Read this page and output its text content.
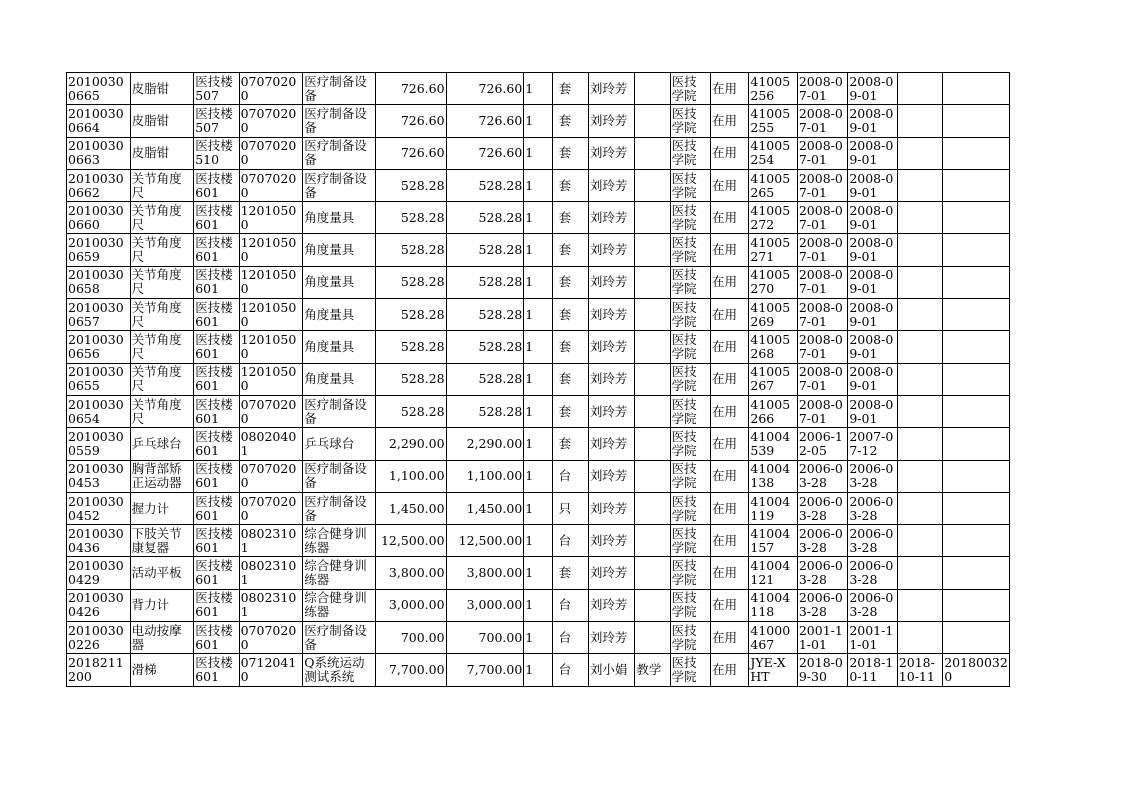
20100300665	皮脂钳	医技楼507	07070200	医疗制备设备	726.60	726.60	1	套	刘玲芳		医技学院	在用	41005256	2008-07-01	2008-09-01		
20100300664	皮脂钳	医技楼507	07070200	医疗制备设备	726.60	726.60	1	套	刘玲芳		医技学院	在用	41005255	2008-07-01	2008-09-01		
20100300663	皮脂钳	医技楼510	07070200	医疗制备设备	726.60	726.60	1	套	刘玲芳		医技学院	在用	41005254	2008-07-01	2008-09-01		
20100300662	关节角度尺	医技楼601	07070200	医疗制备设备	528.28	528.28	1	套	刘玲芳		医技学院	在用	41005265	2008-07-01	2008-09-01		
20100300660	关节角度尺	医技楼601	12010500	角度量具	528.28	528.28	1	套	刘玲芳		医技学院	在用	41005272	2008-07-01	2008-09-01		
20100300659	关节角度尺	医技楼601	12010500	角度量具	528.28	528.28	1	套	刘玲芳		医技学院	在用	41005271	2008-07-01	2008-09-01		
20100300658	关节角度尺	医技楼601	12010500	角度量具	528.28	528.28	1	套	刘玲芳		医技学院	在用	41005270	2008-07-01	2008-09-01		
20100300657	关节角度尺	医技楼601	12010500	角度量具	528.28	528.28	1	套	刘玲芳		医技学院	在用	41005269	2008-07-01	2008-09-01		
20100300656	关节角度尺	医技楼601	12010500	角度量具	528.28	528.28	1	套	刘玲芳		医技学院	在用	41005268	2008-07-01	2008-09-01		
20100300655	关节角度尺	医技楼601	12010500	角度量具	528.28	528.28	1	套	刘玲芳		医技学院	在用	41005267	2008-07-01	2008-09-01		
20100300654	关节角度尺	医技楼601	07070200	医疗制备设备	528.28	528.28	1	套	刘玲芳		医技学院	在用	41005266	2008-07-01	2008-09-01		
20100300559	乒乓球台	医技楼601	08020401	乒乓球台	2,290.00	2,290.00	1	套	刘玲芳		医技学院	在用	41004539	2006-12-05	2007-07-12		
20100300453	胸背部矫正运动器	医技楼601	07070200	医疗制备设备	1,100.00	1,100.00	1	台	刘玲芳		医技学院	在用	41004138	2006-03-28	2006-03-28		
20100300452	握力计	医技楼601	07070200	医疗制备设备	1,450.00	1,450.00	1	只	刘玲芳		医技学院	在用	41004119	2006-03-28	2006-03-28		
20100300436	下肢关节康复器	医技楼601	08023101	综合健身训练器	12,500.00	12,500.00	1	台	刘玲芳		医技学院	在用	41004157	2006-03-28	2006-03-28		
20100300429	活动平板	医技楼601	08023101	综合健身训练器	3,800.00	3,800.00	1	套	刘玲芳		医技学院	在用	41004121	2006-03-28	2006-03-28		
20100300426	背力计	医技楼601	08023101	综合健身训练器	3,000.00	3,000.00	1	台	刘玲芳		医技学院	在用	41004118	2006-03-28	2006-03-28		
20100300226	电动按摩器	医技楼601	07070200	医疗制备设备	700.00	700.00	1	台	刘玲芳		医技学院	在用	41000467	2001-11-01	2001-11-01		
2018211200	滑梯	医技楼601	07120410	Q系统运动测试系统	7,700.00	7,700.00	1	台	刘小娟	教学	医技学院	在用	JYE-XHT	2018-09-30	2018-10-11	2018-10-11	201800320
